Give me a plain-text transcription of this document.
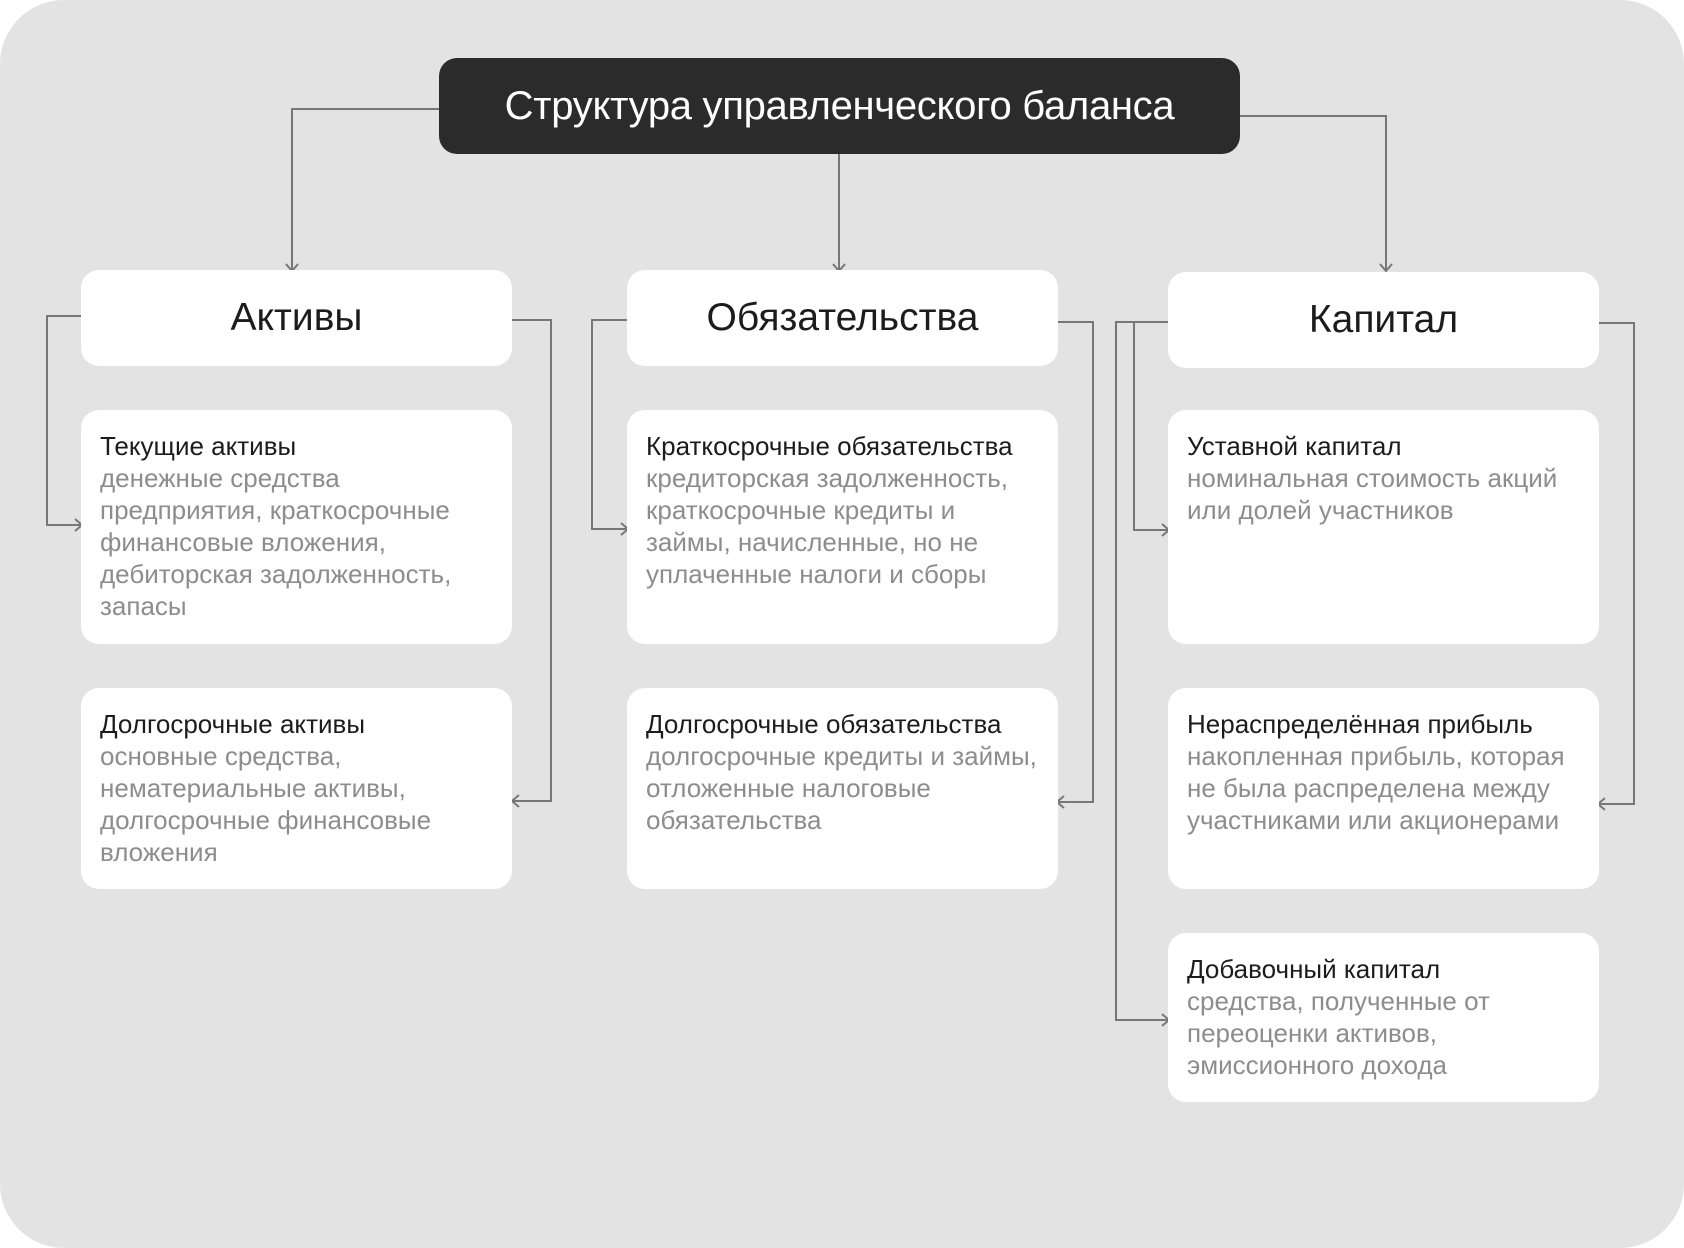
Структура управленческого баланса
Активы	Обязательства	Капитал
Текущие активы
денежные средства предприятия, краткосрочные финансовые вложения, дебиторская задолженность, запасы
Долгосрочные активы
основные средства, нематериальные активы, долгосрочные финансовые вложения
Краткосрочные обязательства
кредиторская задолженность, краткосрочные кредиты и займы, начисленные, но не уплаченные налоги и сборы
Долгосрочные обязательства
долгосрочные кредиты и займы, отложенные налоговые обязательства
Уставной капитал
номинальная стоимость акций или долей участников
Нераспределённая прибыль
накопленная прибыль, которая не была распределена между участниками или акционерами
Добавочный капитал
средства, полученные от переоценки активов, эмиссионного дохода
